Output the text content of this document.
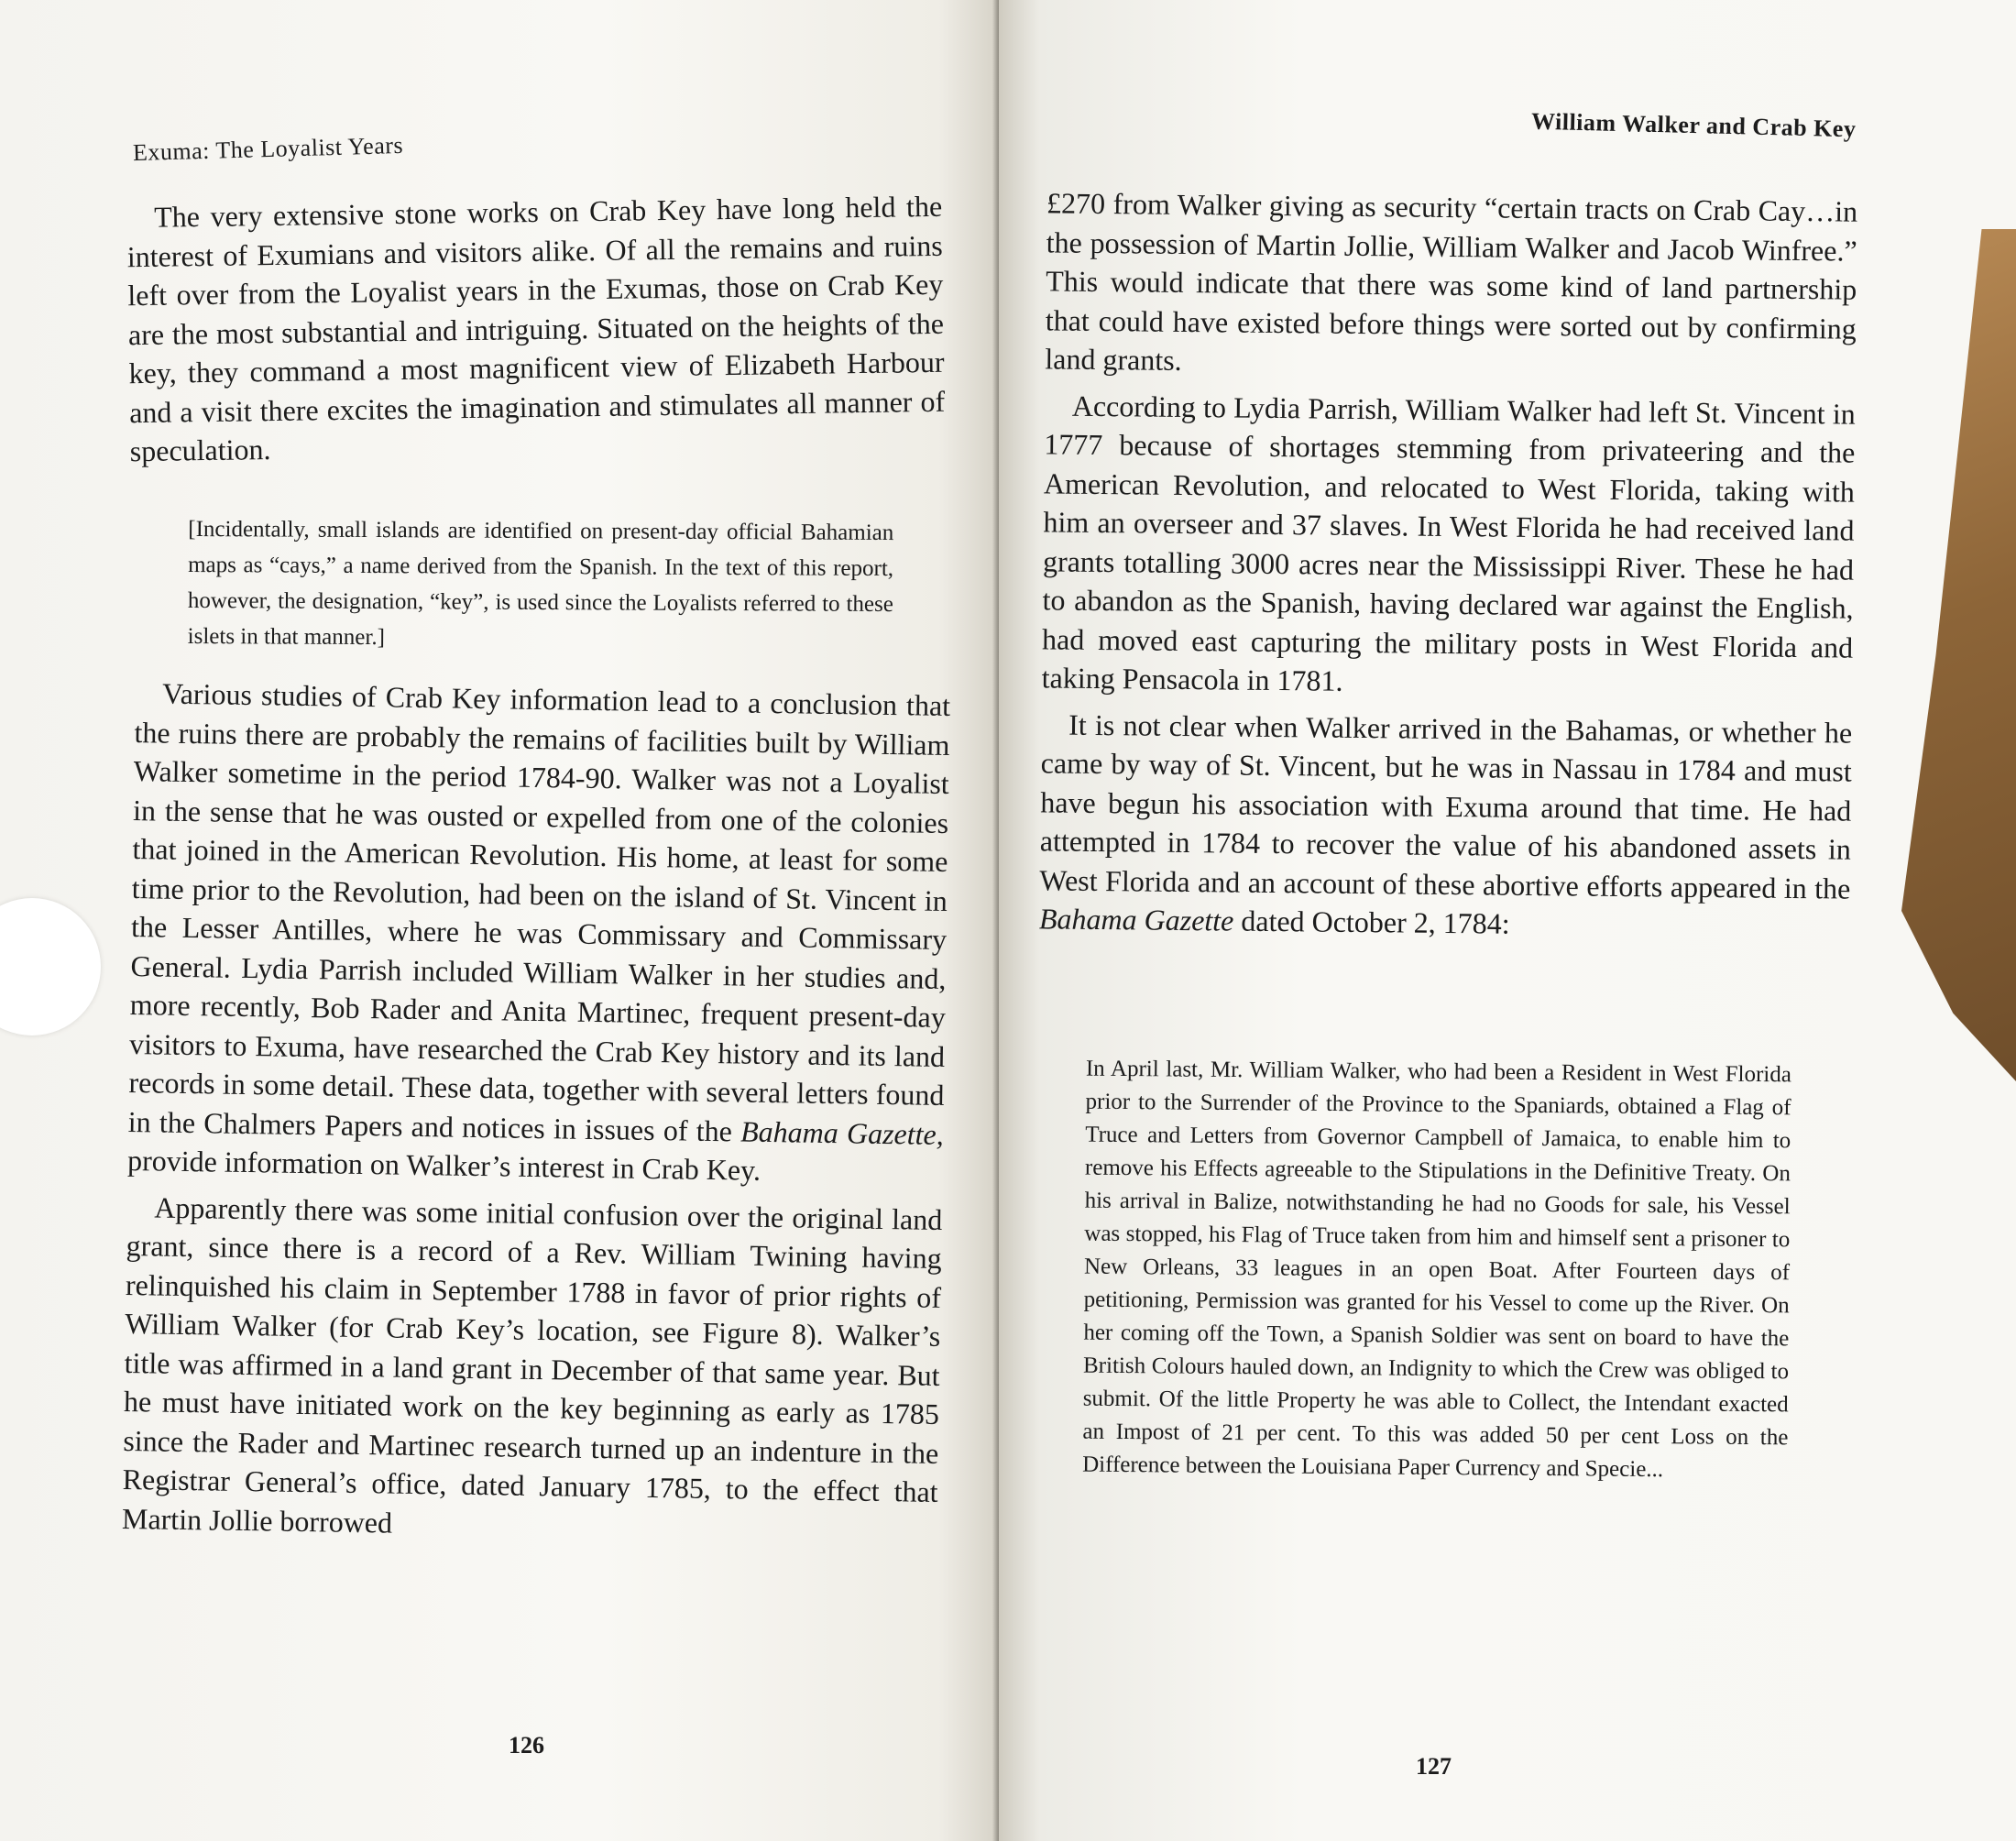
Exuma: The Loyalist Years

The very extensive stone works on Crab Key have long held the interest of Exumians and visitors alike. Of all the remains and ruins left over from the Loyalist years in the Exumas, those on Crab Key are the most substantial and intriguing. Situated on the heights of the key, they command a most magnificent view of Elizabeth Harbour and a visit there excites the imagination and stimulates all manner of speculation.

[Incidentally, small islands are identified on present-day official Bahamian maps as “cays,” a name derived from the Spanish. In the text of this report, however, the designation, “key”, is used since the Loyalists referred to these islets in that manner.]

Various studies of Crab Key information lead to a conclusion that the ruins there are probably the remains of facilities built by William Walker sometime in the period 1784-90. Walker was not a Loyalist in the sense that he was ousted or expelled from one of the colonies that joined in the American Revolution. His home, at least for some time prior to the Revolution, had been on the island of St. Vincent in the Lesser Antilles, where he was Commissary and Commissary General. Lydia Parrish included William Walker in her studies and, more recently, Bob Rader and Anita Martinec, frequent present-day visitors to Exuma, have researched the Crab Key history and its land records in some detail. These data, together with several letters found in the Chalmers Papers and notices in issues of the Bahama Gazette, provide information on Walker’s interest in Crab Key.

Apparently there was some initial confusion over the original land grant, since there is a record of a Rev. William Twining having relinquished his claim in September 1788 in favor of prior rights of William Walker (for Crab Key’s location, see Figure 8). Walker’s title was affirmed in a land grant in December of that same year. But he must have initiated work on the key beginning as early as 1785 since the Rader and Martinec research turned up an indenture in the Registrar General’s office, dated January 1785, to the effect that Martin Jollie borrowed

126
William Walker and Crab Key

£270 from Walker giving as security “certain tracts on Crab Cay…in the possession of Martin Jollie, William Walker and Jacob Winfree.” This would indicate that there was some kind of land partnership that could have existed before things were sorted out by confirming land grants.

According to Lydia Parrish, William Walker had left St. Vincent in 1777 because of shortages stemming from privateering and the American Revolution, and relocated to West Florida, taking with him an overseer and 37 slaves. In West Florida he had received land grants totalling 3000 acres near the Mississippi River. These he had to abandon as the Spanish, having declared war against the English, had moved east capturing the military posts in West Florida and taking Pensacola in 1781.

It is not clear when Walker arrived in the Bahamas, or whether he came by way of St. Vincent, but he was in Nassau in 1784 and must have begun his association with Exuma around that time. He had attempted in 1784 to recover the value of his abandoned assets in West Florida and an account of these abortive efforts appeared in the Bahama Gazette dated October 2, 1784:

In April last, Mr. William Walker, who had been a Resident in West Florida prior to the Surrender of the Province to the Spaniards, obtained a Flag of Truce and Letters from Governor Campbell of Jamaica, to enable him to remove his Effects agreeable to the Stipulations in the Definitive Treaty. On his arrival in Balize, notwithstanding he had no Goods for sale, his Vessel was stopped, his Flag of Truce taken from him and himself sent a prisoner to New Orleans, 33 leagues in an open Boat. After Fourteen days of petitioning, Permission was granted for his Vessel to come up the River. On her coming off the Town, a Spanish Soldier was sent on board to have the British Colours hauled down, an Indignity to which the Crew was obliged to submit. Of the little Property he was able to Collect, the Intendant exacted an Impost of 21 per cent. To this was added 50 per cent Loss on the Difference between the Louisiana Paper Currency and Specie...
127
